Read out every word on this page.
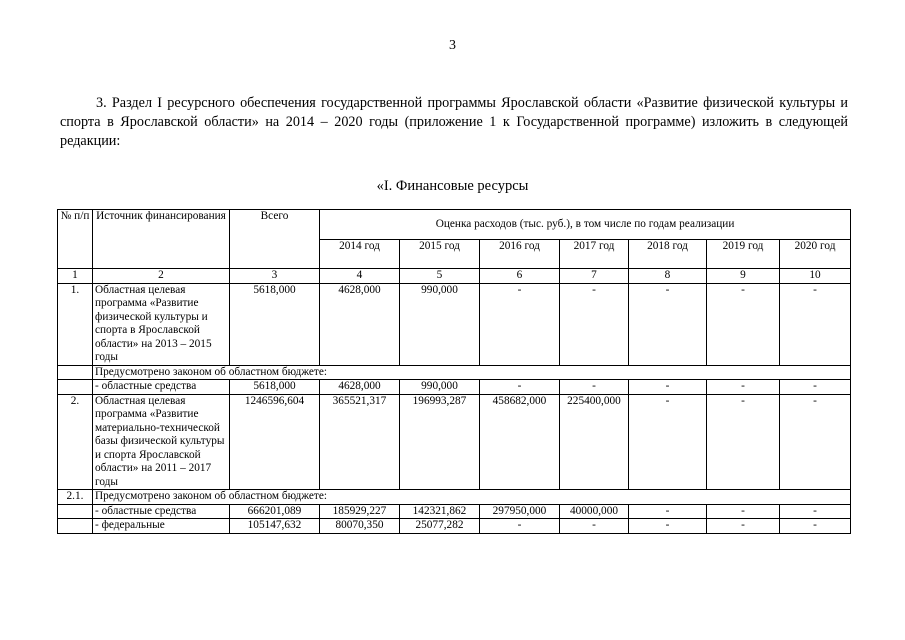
3

3. Раздел I ресурсного обеспечения государственной программы Ярославской области «Развитие физической культуры и спорта в Ярославской области» на 2014 – 2020 годы (приложение 1 к Государственной программе) изложить в следующей редакции:

«I. Финансовые ресурсы
№ п/п	Источник финансирования	Всего	Оценка расходов (тыс. руб.), в том числе по годам реализации						
			2014 год	2015 год	2016 год	2017 год	2018 год	2019 год	2020 год
1	2	3	4	5	6	7	8	9	10
1.	Областная целевая программа «Развитие физической культуры и спорта в Ярославской области» на 2013 – 2015 годы	5618,000	4628,000	990,000	-	-	-	-	-
	Предусмотрено законом об областном бюджете:								
	- областные средства	5618,000	4628,000	990,000	-	-	-	-	-
2.	Областная целевая программа «Развитие материально-технической базы физической культуры и спорта Ярославской области» на 2011 – 2017 годы	1246596,604	365521,317	196993,287	458682,000	225400,000	-	-	-
2.1.	Предусмотрено законом об областном бюджете:								
	- областные средства	666201,089	185929,227	142321,862	297950,000	40000,000	-	-	-
	- федеральные	105147,632	80070,350	25077,282	-	-	-	-	-
